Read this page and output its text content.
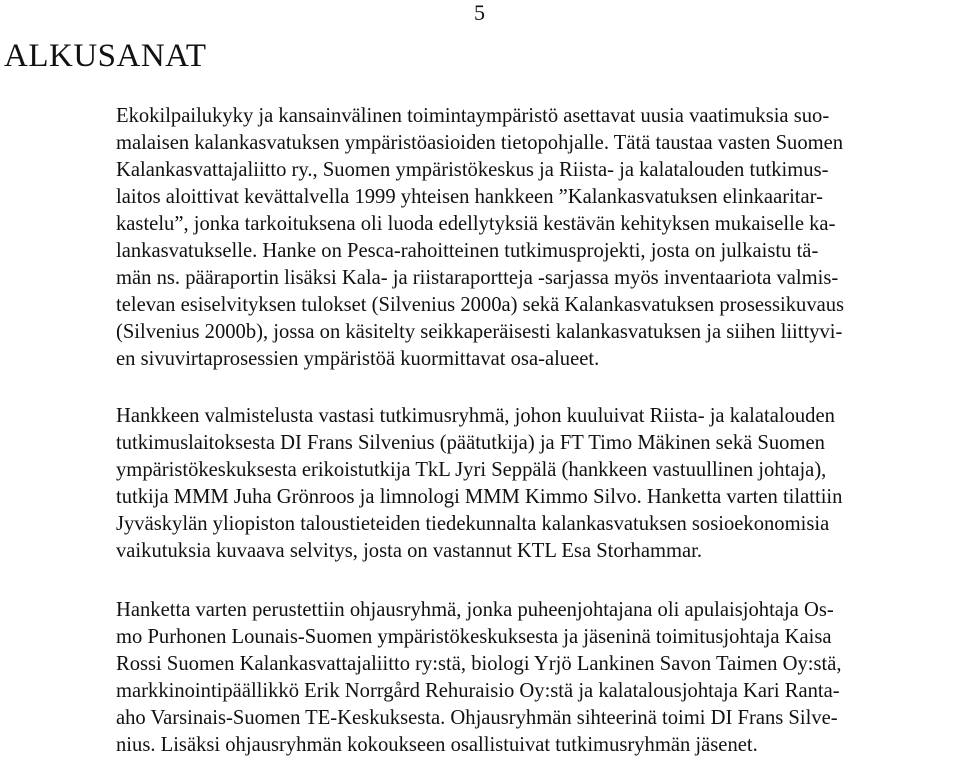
5
ALKUSANAT

Ekokilpailukyky ja kansainvälinen toimintaympäristö asettavat uusia vaatimuksia suo-

malaisen kalankasvatuksen ympäristöasioiden tietopohjalle. Tätä taustaa vasten Suomen

Kalankasvattajaliitto ry., Suomen ympäristökeskus ja Riista- ja kalatalouden tutkimus-

laitos aloittivat kevättalvella 1999 yhteisen hankkeen ”Kalankasvatuksen elinkaaritar-

kastelu”, jonka tarkoituksena oli luoda edellytyksiä kestävän kehityksen mukaiselle ka-

lankasvatukselle. Hanke on Pesca-rahoitteinen tutkimusprojekti, josta on julkaistu tä-

män ns. pääraportin lisäksi Kala- ja riistaraportteja -sarjassa myös inventaariota valmis-

televan esiselvityksen tulokset (Silvenius 2000a) sekä Kalankasvatuksen prosessikuvaus

(Silvenius 2000b), jossa on käsitelty seikkaperäisesti kalankasvatuksen ja siihen liittyvi-

en sivuvirtaprosessien ympäristöä kuormittavat osa-alueet.

Hankkeen valmistelusta vastasi tutkimusryhmä, johon kuuluivat Riista- ja kalatalouden

tutkimuslaitoksesta DI Frans Silvenius (päätutkija) ja FT Timo Mäkinen sekä Suomen

ympäristökeskuksesta erikoistutkija TkL Jyri Seppälä (hankkeen vastuullinen johtaja),

tutkija MMM Juha Grönroos ja limnologi MMM Kimmo Silvo. Hanketta varten tilattiin

Jyväskylän yliopiston taloustieteiden tiedekunnalta kalankasvatuksen sosioekonomisia

vaikutuksia kuvaava selvitys, josta on vastannut KTL Esa Storhammar.

Hanketta varten perustettiin ohjausryhmä, jonka puheenjohtajana oli apulaisjohtaja Os-

mo Purhonen Lounais-Suomen ympäristökeskuksesta ja jäseninä toimitusjohtaja Kaisa

Rossi Suomen Kalankasvattajaliitto ry:stä, biologi Yrjö Lankinen Savon Taimen Oy:stä,

markkinointipäällikkö Erik Norrgård Rehuraisio Oy:stä ja kalatalousjohtaja Kari Ranta-

aho Varsinais-Suomen TE-Keskuksesta. Ohjausryhmän sihteerinä toimi DI Frans Silve-

nius. Lisäksi ohjausryhmän kokoukseen osallistuivat tutkimusryhmän jäsenet.
